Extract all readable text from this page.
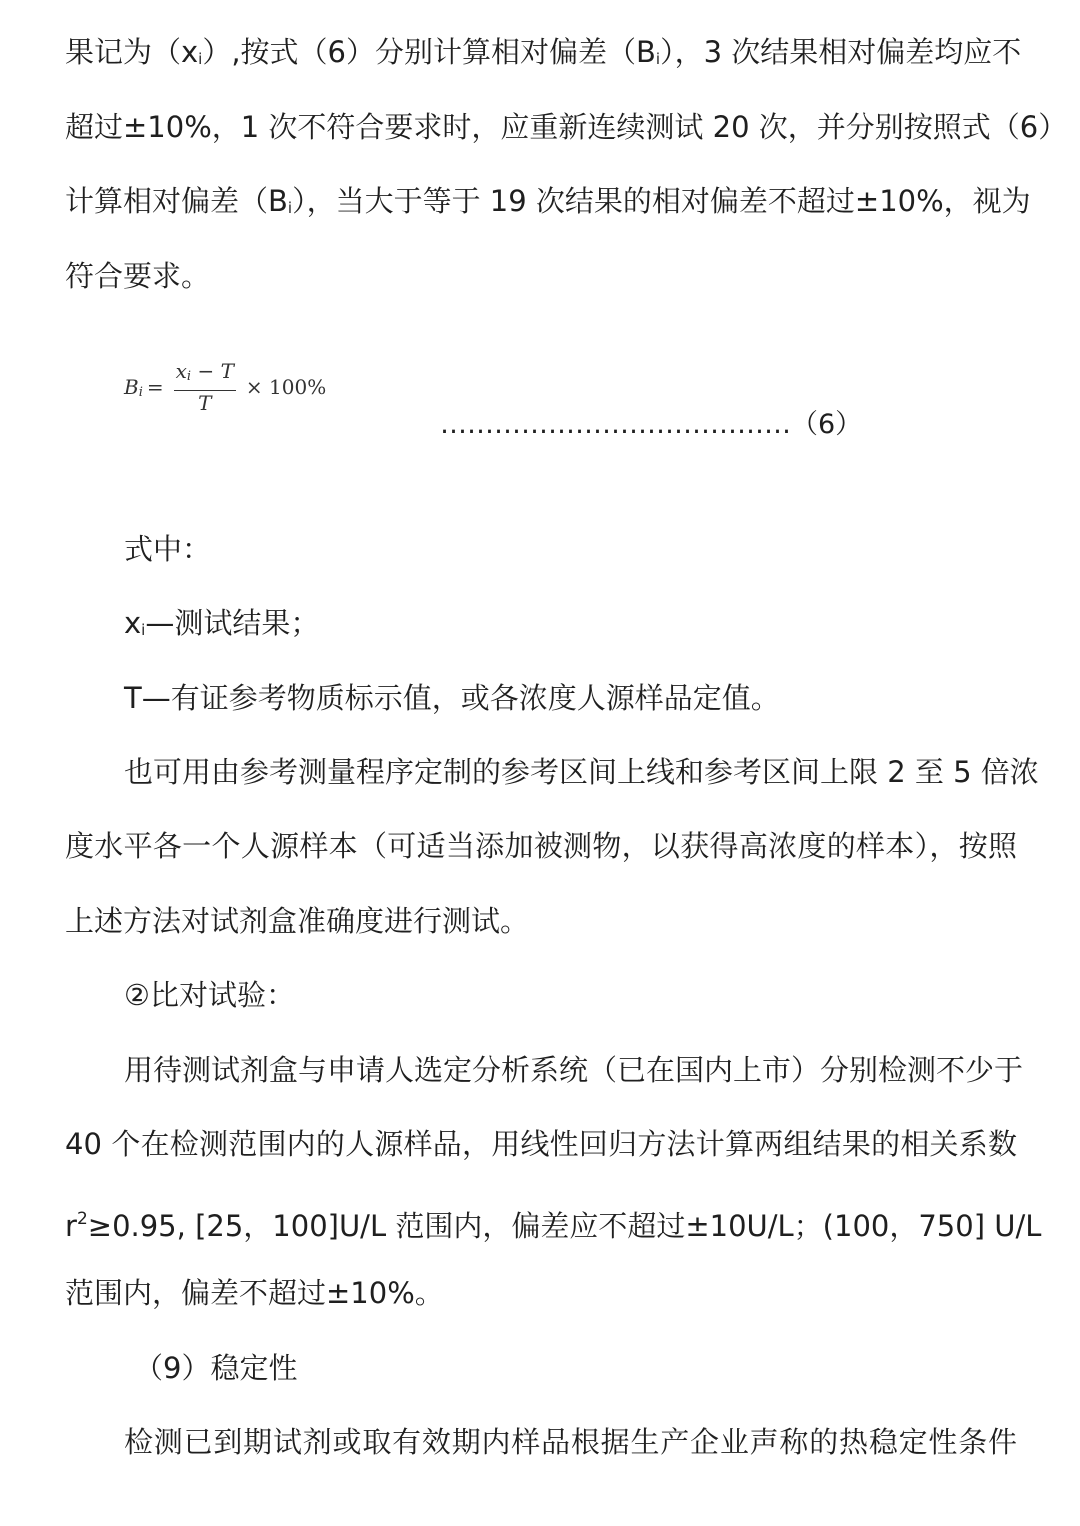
果记为（xi）,按式（6）分别计算相对偏差（Bi），3 次结果相对偏差均应不

超过±10%，1 次不符合要求时，应重新连续测试 20 次，并分别按照式（6）

计算相对偏差（Bi），当大于等于 19 次结果的相对偏差不超过±10%，视为

符合要求。

$Bi = \frac{xi - T}{T} \times 100\%$
…………………………………（6）

式中：

xi—测试结果；

T—有证参考物质标示值，或各浓度人源样品定值。

也可用由参考测量程序定制的参考区间上线和参考区间上限 2 至 5 倍浓

度水平各一个人源样本（可适当添加被测物，以获得高浓度的样本），按照

上述方法对试剂盒准确度进行测试。

②比对试验：

用待测试剂盒与申请人选定分析系统（已在国内上市）分别检测不少于

40 个在检测范围内的人源样品，用线性回归方法计算两组结果的相关系数

$r^2\ge 0.95$, [25，100]U/L 范围内，偏差应不超过±10U/L；(100，750] U/L

范围内，偏差不超过±10%。

（9）稳定性

检测已到期试剂或取有效期内样品根据生产企业声称的热稳定性条件
